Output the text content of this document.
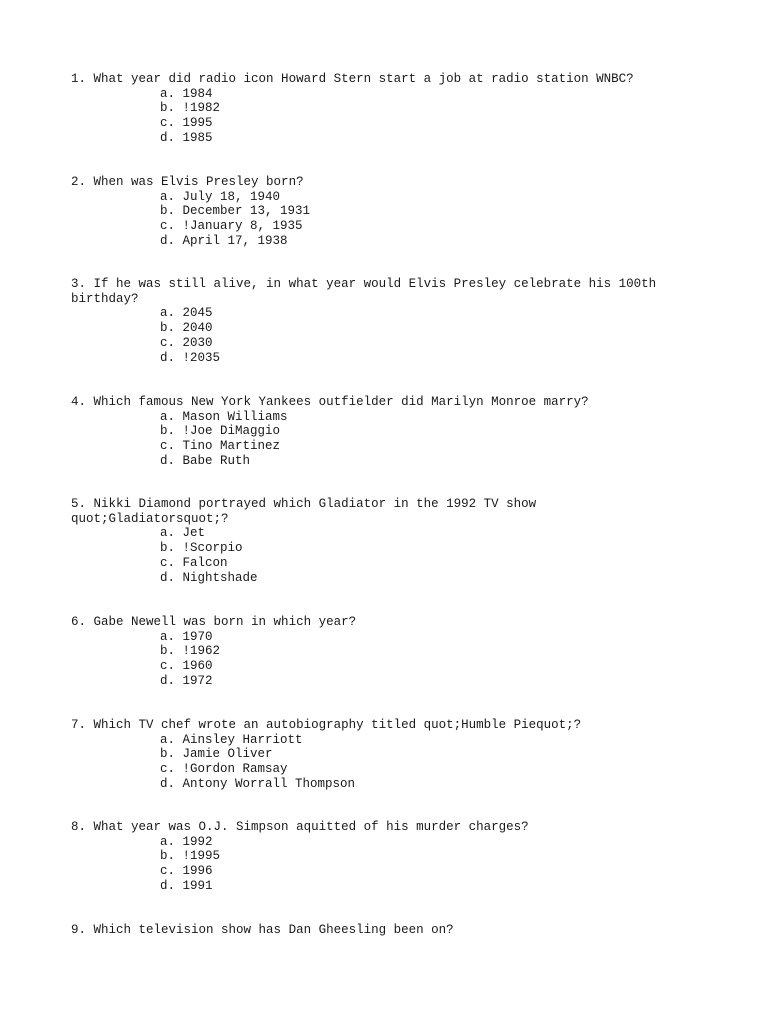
1. What year did radio icon Howard Stern start a job at radio station WNBC?
a. 1984
b. !1982
c. 1995
d. 1985
2. When was Elvis Presley born?
a. July 18, 1940
b. December 13, 1931
c. !January 8, 1935
d. April 17, 1938
3. If he was still alive, in what year would Elvis Presley celebrate his 100th birthday?
a. 2045
b. 2040
c. 2030
d. !2035
4. Which famous New York Yankees outfielder did Marilyn Monroe marry?
a. Mason Williams
b. !Joe DiMaggio
c. Tino Martinez
d. Babe Ruth
5. Nikki Diamond portrayed which Gladiator in the 1992 TV show quot;Gladiatorsquot;?
a. Jet
b. !Scorpio
c. Falcon
d. Nightshade
6. Gabe Newell was born in which year?
a. 1970
b. !1962
c. 1960
d. 1972
7. Which TV chef wrote an autobiography titled quot;Humble Piequot;?
a. Ainsley Harriott
b. Jamie Oliver
c. !Gordon Ramsay
d. Antony Worrall Thompson
8. What year was O.J. Simpson aquitted of his murder charges?
a. 1992
b. !1995
c. 1996
d. 1991
9. Which television show has Dan Gheesling been on?
